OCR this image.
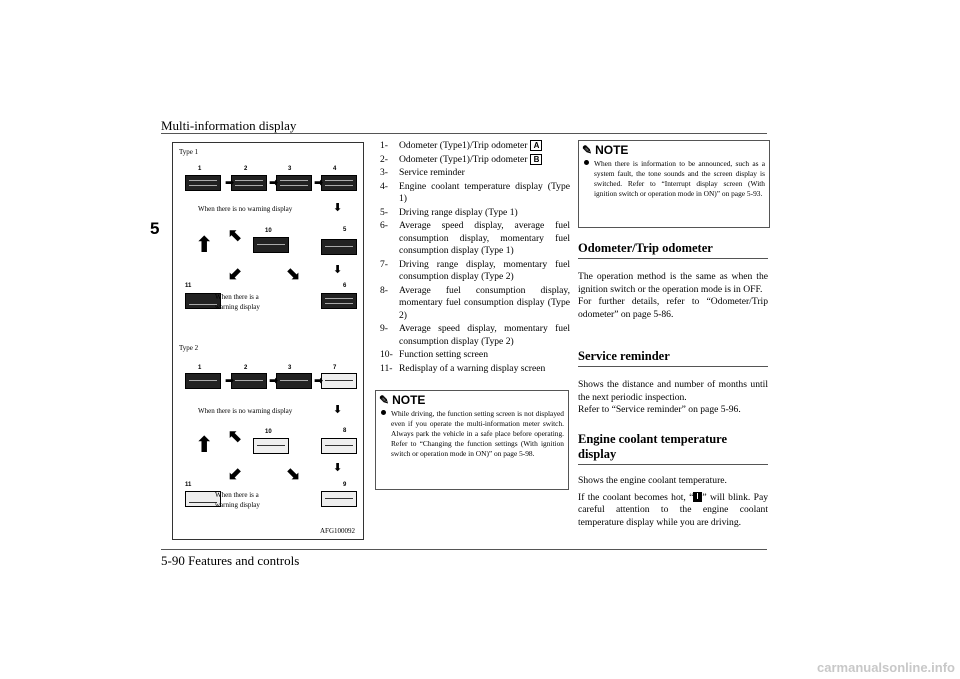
Multi-information display
5
Type 1
1	2	3	4
➡	➡	➡
When there is no warning display	⬇
10	5
⬆ ⬉
⬋ ⬊	⬇
11
When there is a
warning display
6
Type 2
1	2	3	7
➡	➡	➡
When there is no warning display	⬇
10	8
⬆ ⬉
⬋ ⬊	⬇
11
When there is a
warning display
9
AFG100092
1- Odometer (Type1)/Trip odometer A
2- Odometer (Type1)/Trip odometer B
3- Service reminder
4- Engine coolant temperature display (Type 1)
5- Driving range display (Type 1)
6- Average speed display, average fuel consumption display, momentary fuel consumption display (Type 1)
7- Driving range display, momentary fuel consumption display (Type 2)
8- Average fuel consumption display, momentary fuel consumption display (Type 2)
9- Average speed display, momentary fuel consumption display (Type 2)
10- Function setting screen
11- Redisplay of a warning display screen
✎ NOTE
While driving, the function setting screen is not displayed even if you operate the multi-information meter switch. Always park the vehicle in a safe place before operating. Refer to “Changing the function settings (With ignition switch or operation mode in ON)” on page 5-98.
✎ NOTE
When there is information to be announced, such as a system fault, the tone sounds and the screen display is switched. Refer to “Interrupt display screen (With ignition switch or operation mode in ON)” on page 5-93.
Odometer/Trip odometer
The operation method is the same as when the ignition switch or the operation mode is in OFF.
For further details, refer to “Odometer/Trip odometer” on page 5-86.
Service reminder
Shows the distance and number of months until the next periodic inspection.
Refer to “Service reminder” on page 5-96.
Engine coolant temperature display
Shows the engine coolant temperature.
If the coolant becomes hot, “ ” will blink. Pay careful attention to the engine coolant temperature display while you are driving.
5-90 Features and controls
carmanualsonline.info
